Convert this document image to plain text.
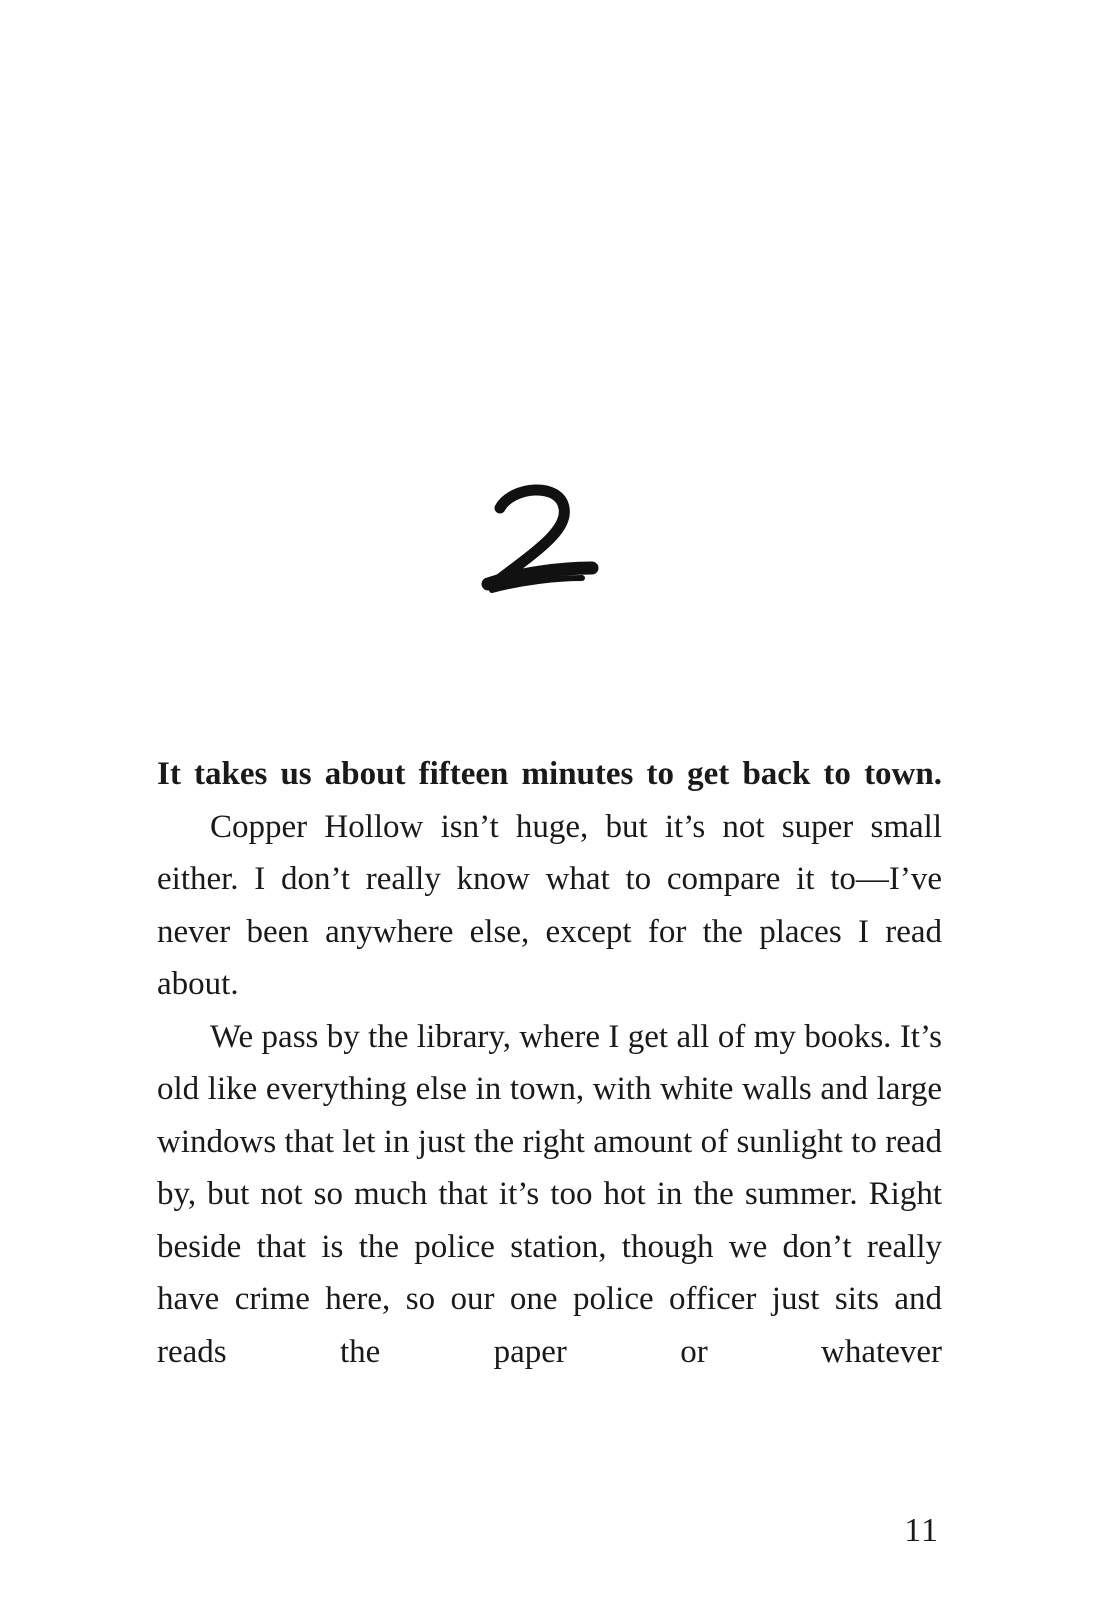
It takes us about fifteen minutes to get back to town.

Copper Hollow isn’t huge, but it’s not super small either. I don’t really know what to compare it to—I’ve never been anywhere else, except for the places I read about.

We pass by the library, where I get all of my books. It’s old like everything else in town, with white walls and large windows that let in just the right amount of sunlight to read by, but not so much that it’s too hot in the summer. Right beside that is the police station, though we don’t really have crime here, so our one police officer just sits and reads the paper or whatever

11
